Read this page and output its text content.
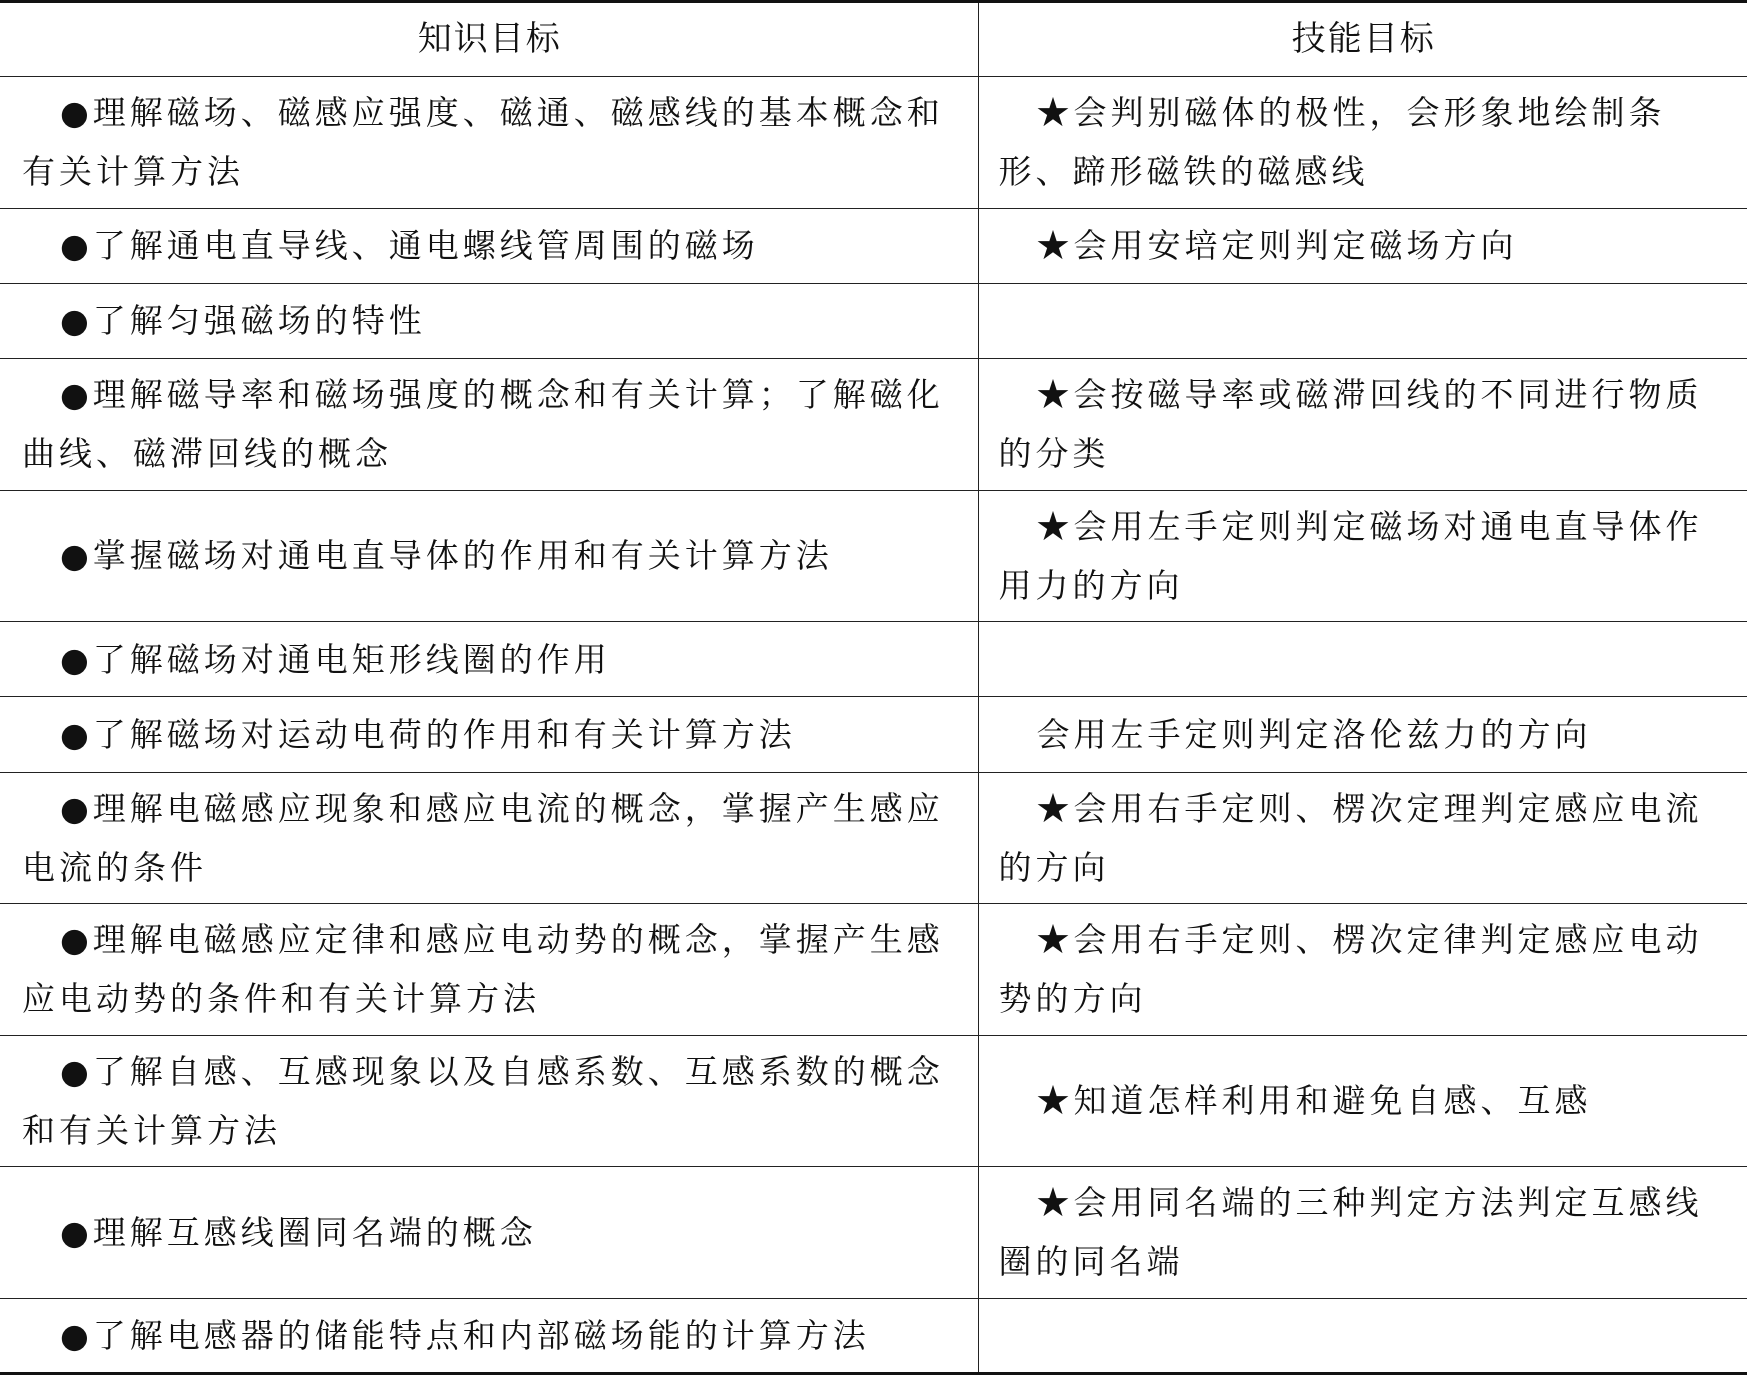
知识目标	技能目标
●理解磁场、磁感应强度、磁通、磁感线的基本概念和有关计算方法	★会判别磁体的极性，会形象地绘制条形、蹄形磁铁的磁感线
●了解通电直导线、通电螺线管周围的磁场	★会用安培定则判定磁场方向
●了解匀强磁场的特性	
●理解磁导率和磁场强度的概念和有关计算；了解磁化曲线、磁滞回线的概念	★会按磁导率或磁滞回线的不同进行物质的分类
●掌握磁场对通电直导体的作用和有关计算方法	★会用左手定则判定磁场对通电直导体作用力的方向
●了解磁场对通电矩形线圈的作用	
●了解磁场对运动电荷的作用和有关计算方法	会用左手定则判定洛伦兹力的方向
●理解电磁感应现象和感应电流的概念，掌握产生感应电流的条件	★会用右手定则、楞次定理判定感应电流的方向
●理解电磁感应定律和感应电动势的概念，掌握产生感应电动势的条件和有关计算方法	★会用右手定则、楞次定律判定感应电动势的方向
●了解自感、互感现象以及自感系数、互感系数的概念和有关计算方法	★知道怎样利用和避免自感、互感
●理解互感线圈同名端的概念	★会用同名端的三种判定方法判定互感线圈的同名端
●了解电感器的储能特点和内部磁场能的计算方法	
